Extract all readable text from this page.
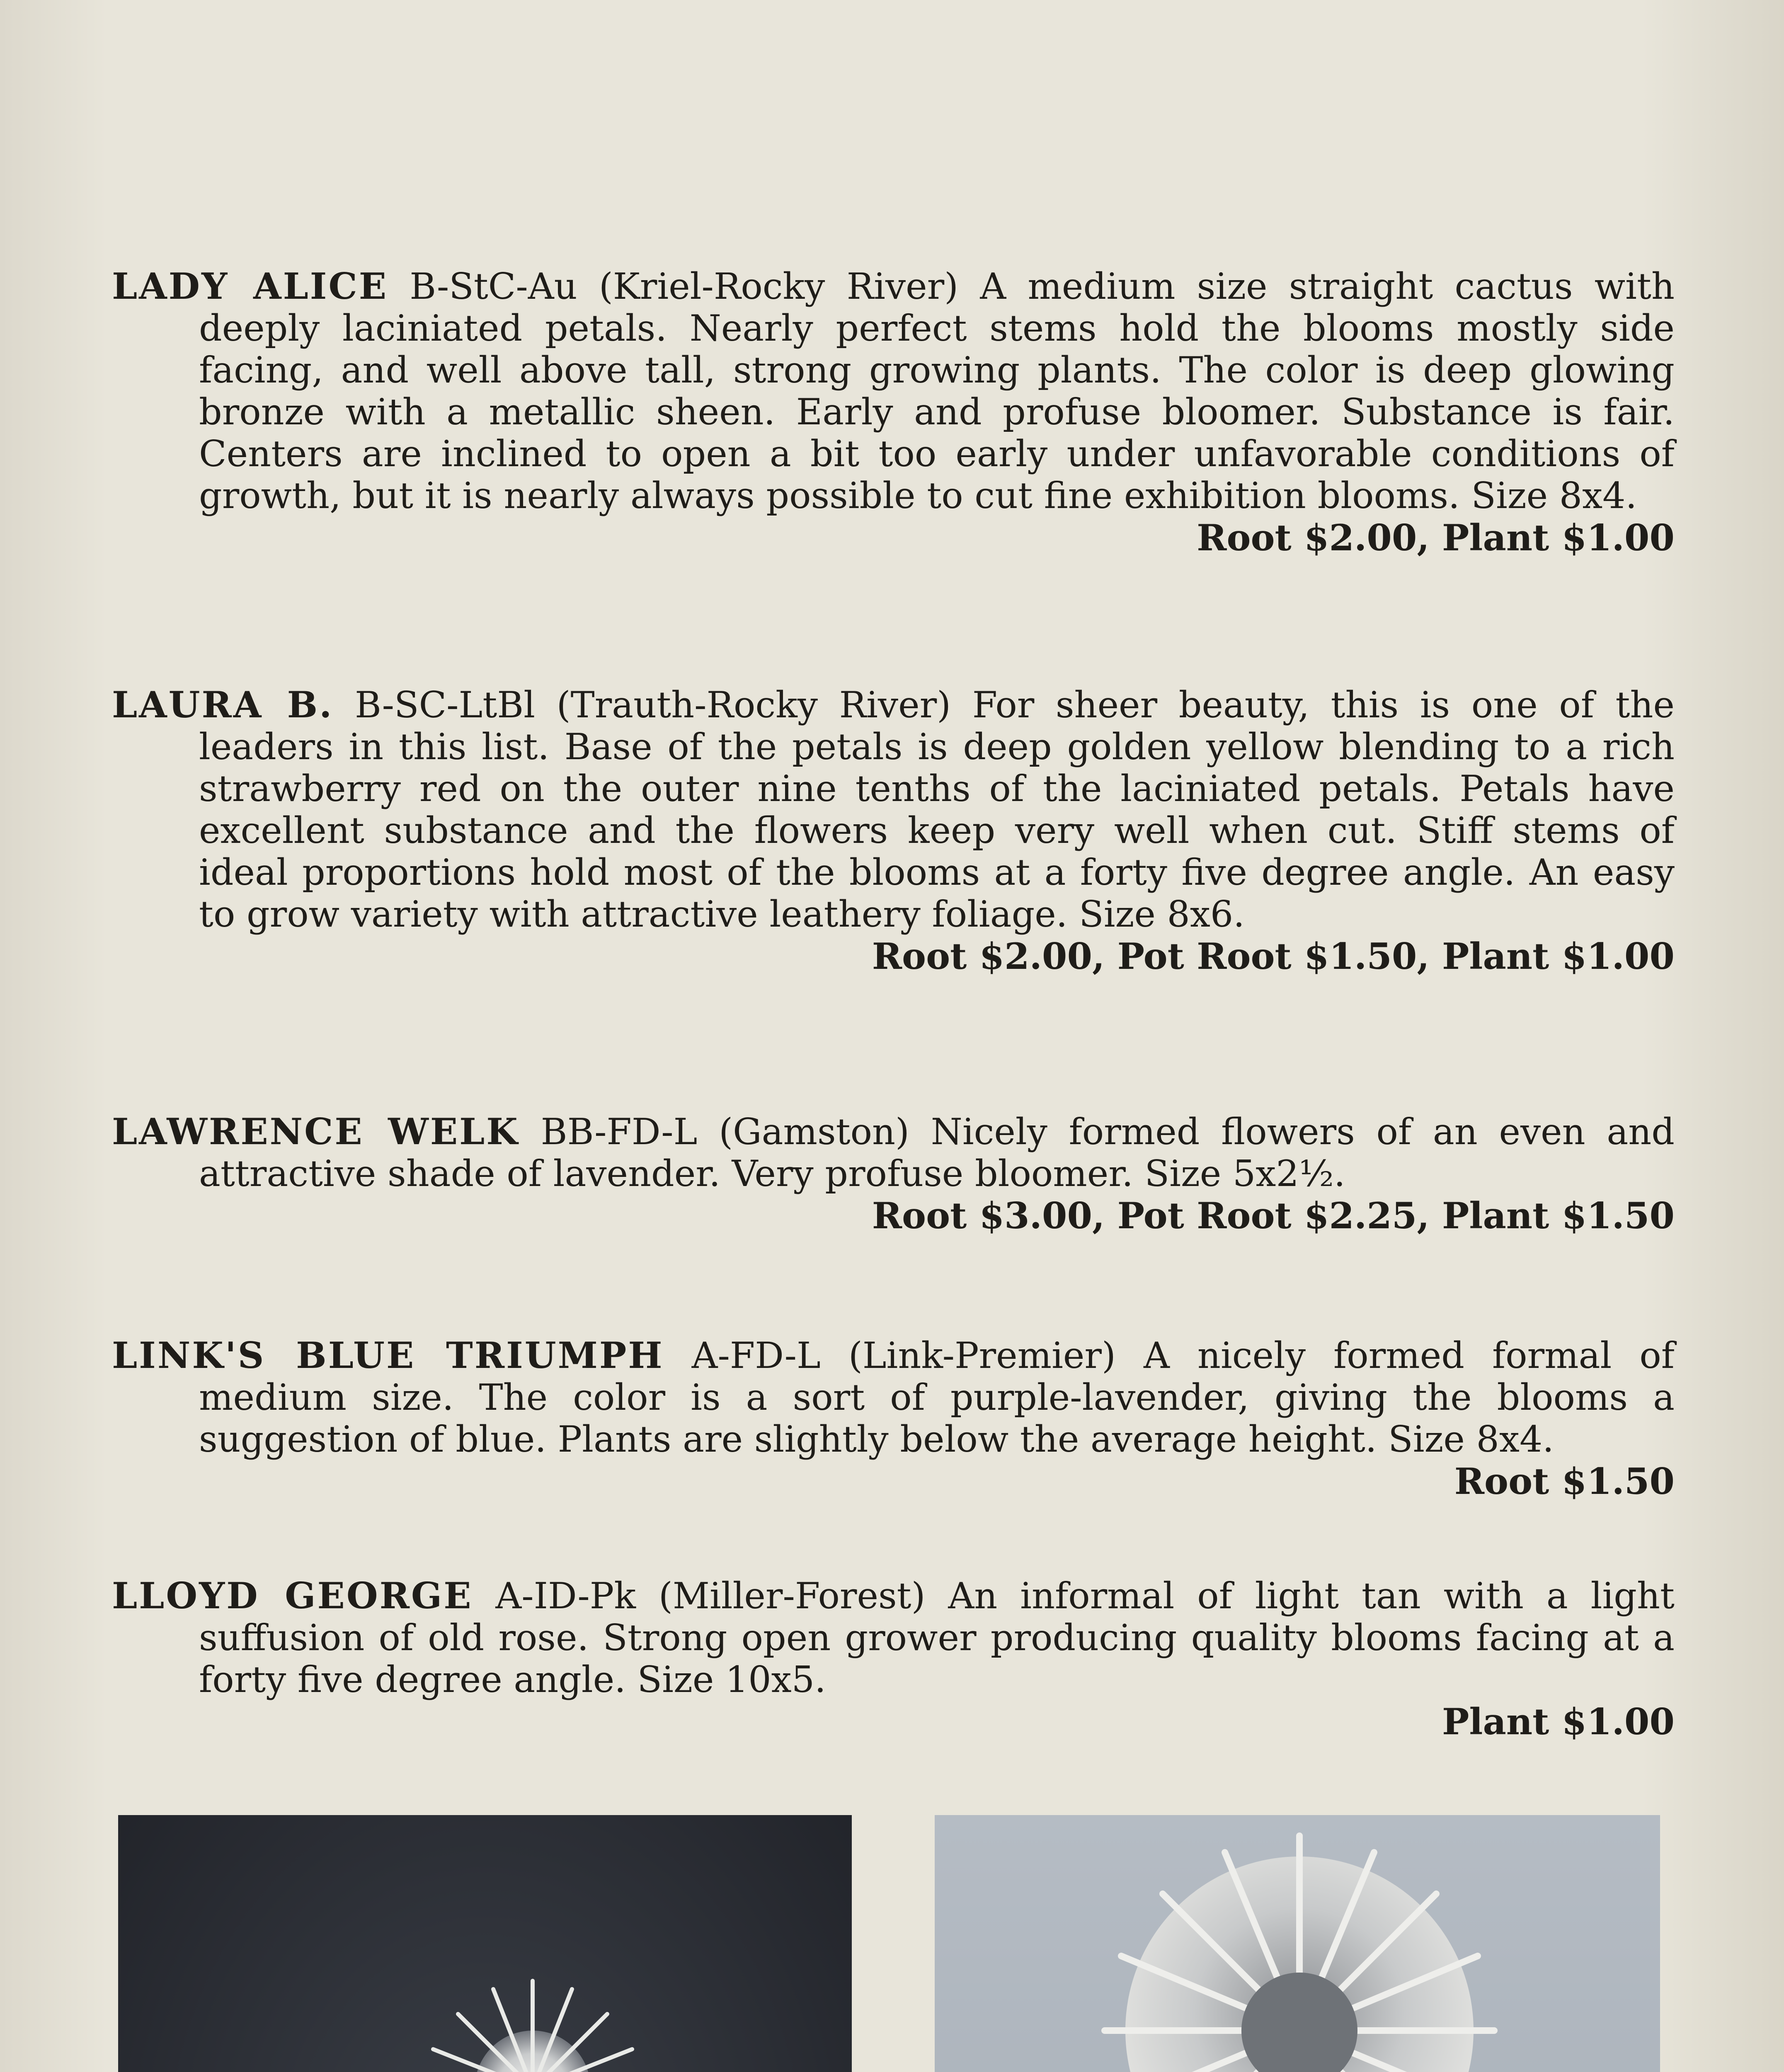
LADY ALICE B-StC-Au (Kriel-Rocky River) A medium size straight cactus with deeply laciniated petals. Nearly perfect stems hold the blooms mostly side facing, and well above tall, strong growing plants. The color is deep glowing bronze with a metallic sheen. Early and profuse bloomer. Substance is fair. Centers are inclined to open a bit too early under unfavorable conditions of growth, but it is nearly always possible to cut fine exhibition blooms. Size 8x4.

Root $2.00, Plant $1.00

LAURA B. B-SC-LtBl (Trauth-Rocky River) For sheer beauty, this is one of the leaders in this list. Base of the petals is deep golden yellow blending to a rich strawberry red on the outer nine tenths of the laciniated petals. Petals have excellent substance and the flowers keep very well when cut. Stiff stems of ideal proportions hold most of the blooms at a forty five degree angle. An easy to grow variety with attractive leathery foliage. Size 8x6.

Root $2.00, Pot Root $1.50, Plant $1.00

LAWRENCE WELK BB-FD-L (Gamston) Nicely formed flowers of an even and attractive shade of lavender. Very profuse bloomer. Size 5x2½.

Root $3.00, Pot Root $2.25, Plant $1.50

LINK'S BLUE TRIUMPH A-FD-L (Link-Premier) A nicely formed formal of medium size. The color is a sort of purple-lavender, giving the blooms a suggestion of blue. Plants are slightly below the average height. Size 8x4.

Root $1.50

LLOYD GEORGE A-ID-Pk (Miller-Forest) An informal of light tan with a light suffusion of old rose. Strong open grower producing quality blooms facing at a forty five degree angle. Size 10x5.

Plant $1.00
